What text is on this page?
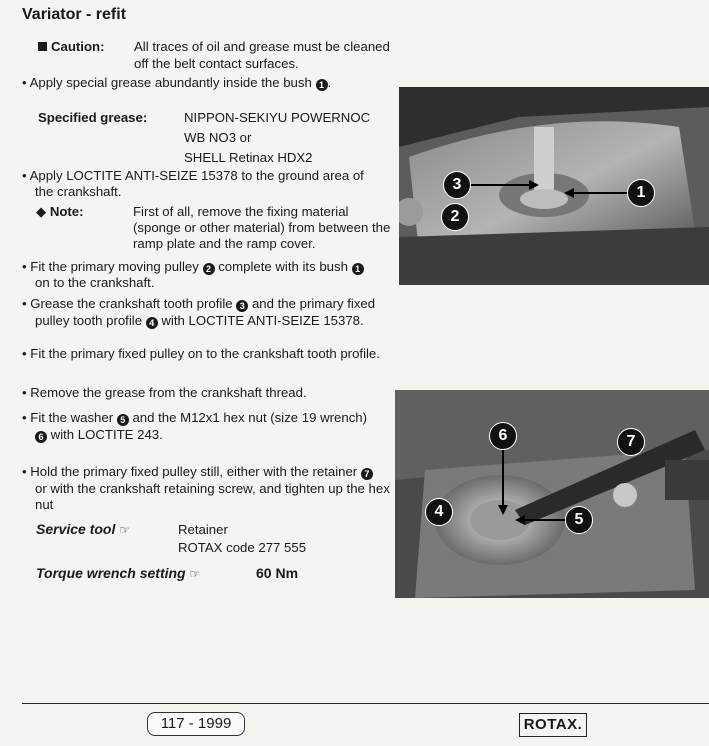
Variator - refit
Caution: All traces of oil and grease must be cleaned
off the belt contact surfaces.
• Apply special grease abundantly inside the bush 1 .
Specified grease:	NIPPON-SEKIYU POWERNOC
WB NO3 or
SHELL Retinax HDX2
• Apply LOCTITE ANTI-SEIZE 15378 to the ground area of
the crankshaft.
◆ Note:	First of all, remove the fixing material
(sponge or other material) from between the
ramp plate and the ramp cover.
• Fit the primary moving pulley 2 complete with its bush 1
on to the crankshaft.
• Grease the crankshaft tooth profile 3 and the primary fixed
pulley tooth profile 4 with LOCTITE ANTI-SEIZE 15378.
• Fit the primary fixed pulley on to the crankshaft tooth profile.
• Remove the grease from the crankshaft thread.
• Fit the washer 5 and the M12x1 hex nut (size 19 wrench)
6 with LOCTITE 243.
• Hold the primary fixed pulley still, either with the retainer 7
or with the crankshaft retaining screw, and tighten up the hex
nut
Service tool ☞	Retainer
ROTAX code 277 555
Torque wrench setting ☞	60 Nm
3	1
2
6	7
4	5
117 - 1999	ROTAX.
